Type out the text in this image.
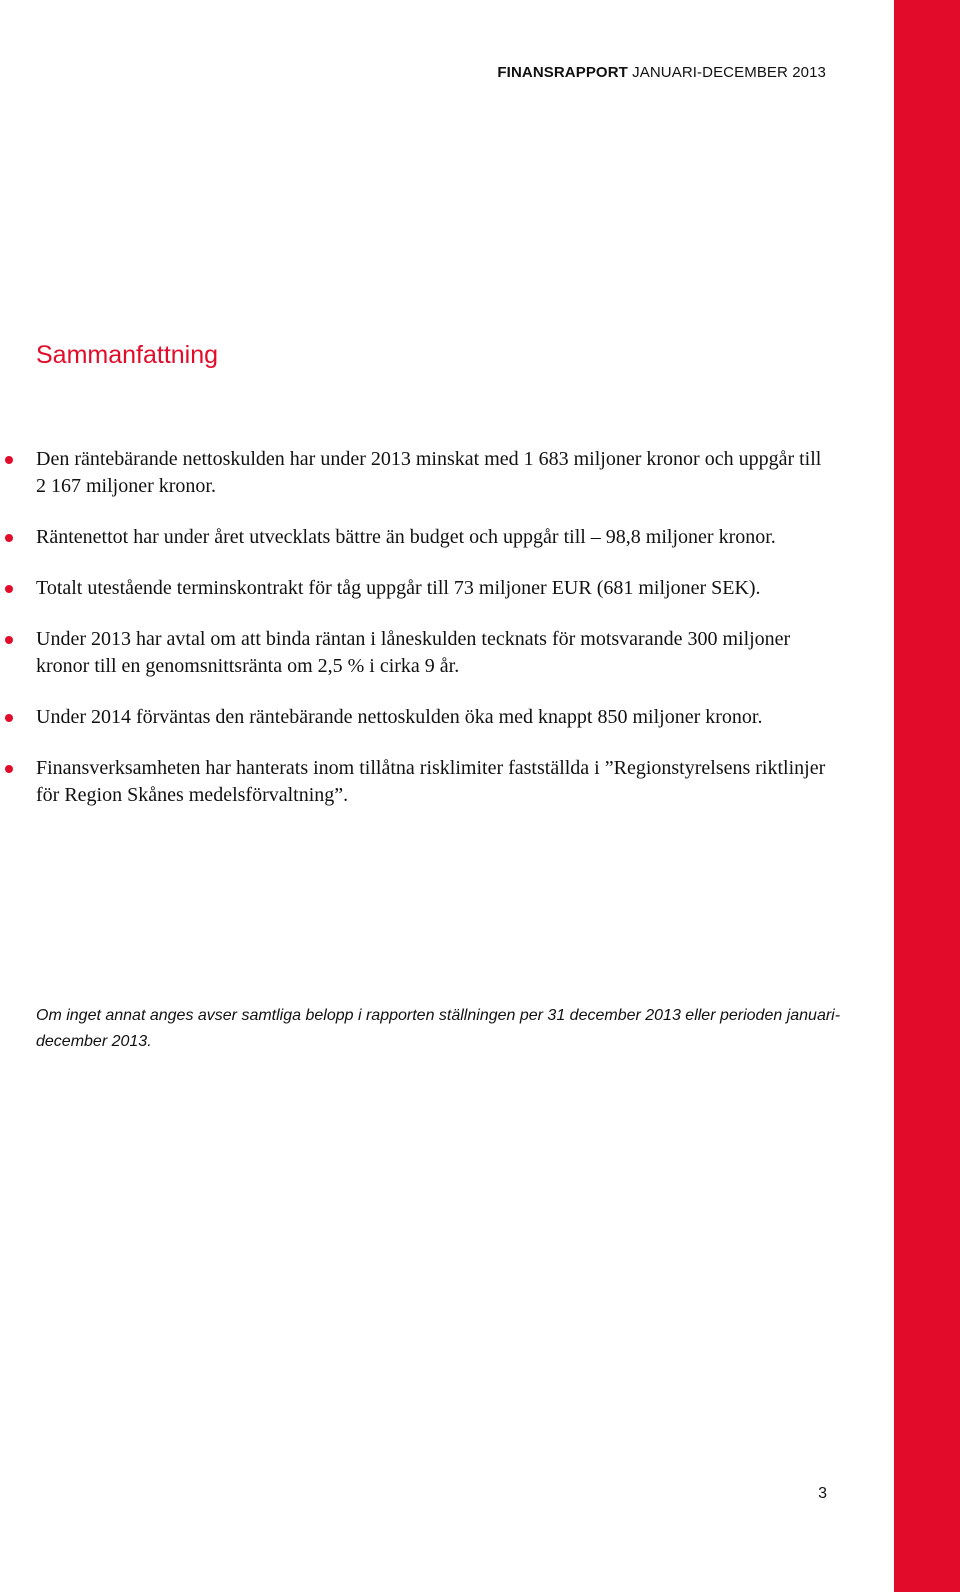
FINANSRAPPORT JANUARI-DECEMBER 2013
Sammanfattning
Den räntebärande nettoskulden har under 2013 minskat med 1 683 miljoner kronor och uppgår till 2 167 miljoner kronor.
Räntenettot har under året utvecklats bättre än budget och uppgår till – 98,8 miljoner kronor.
Totalt utestående terminskontrakt för tåg uppgår till 73 miljoner EUR (681 miljoner SEK).
Under 2013 har avtal om att binda räntan i låneskulden tecknats för motsvarande 300 miljoner kronor till en genomsnittsränta om 2,5 % i cirka 9 år.
Under 2014 förväntas den räntebärande nettoskulden öka med knappt 850 miljoner kronor.
Finansverksamheten har hanterats inom tillåtna risklimiter fastställda i ”Regionstyrelsens riktlinjer för Region Skånes medelsförvaltning”.

Om inget annat anges avser samtliga belopp i rapporten ställningen per 31 december 2013 eller perioden januari-december 2013.

3
